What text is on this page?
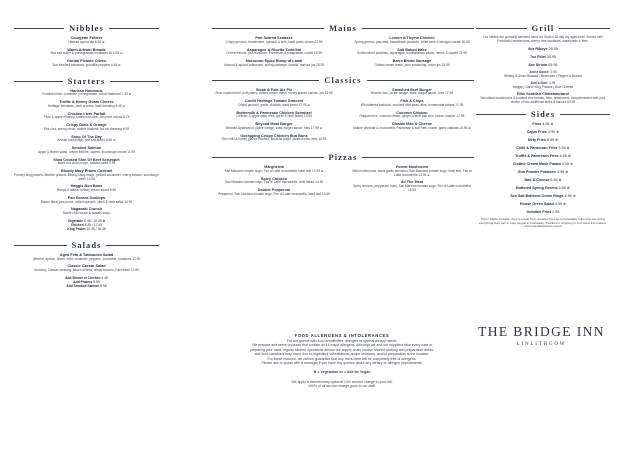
Nibbles
Courgette Fritters
Harissa sprout dip 6.95 ⊕
Warm Artisan Breads
Sea salt butter & pomegranate molasses oil 6.95 ⊕
Gordal Picante Olives
Sun blushed tomatoes, guindilla peppers 4.45 ⊕
Starters
Harissa Houmous
Crumbled feta, coriander, pomegranate, cumin flatbread 7.45 ⊕
Truffle & Honey Goats Cheese
Heritage tomatoes, herb croutes, basil dressing 8.45 ⊕
Chicken Liver Parfait
Plum & apple chutney, toasted brioche, crisp red onions 8.75
Crispy Duck & Orange
Pak choi, spring onion, radish, cashew, hoi sin dressing 9.95
Soup Of The Day
Artisan sourdough, sea salt butter 5.95 ⊕
Smoked Salmon
Apple & fennel salad, crème fraîche, capers, sourdough croute 11.95
Slow Cooked Shin Of Beef Scrumpet
Burnt red onion mayo, toasted seed 9.95
Bloody Mary Prawn Cocktail
Punchy king prawns, Atlantic prawns, Bloody Mary mayo, pickled cucumber, cherry tomato, sourdough wafer 10.95
Haggis Bon Bons
Neeps & tatties, whisky cream sauce 8.95
Pan Seared Scallops
Bacon bites, pea puree, wilted spinach, citrus & herb salsa 14.95
Nagasaki Crunch
Sweet chilli sauce & wasabi mayo
Vegetable 6.45 / 10.45 ⊕
Chicken 8.45 / 17.45
King Prawn 10.45 / 18.45
Salads
Aged Feta & Tabbouleh Salad
Almond, apricot, olives, mint, coriander, peppers, cucumber, tomatoes 12.95
Classic Caesar Salad
Anchovy, Caesar dressing, bacon shards, crispy crouton, Parmesan 13.95
Add Breast of Chicken 4.45
Add Prawns 5.95
Add Smoked Salmon 6.95
Mains
Pan Seared Seabass
Crispy gnocchi, tenderstem, spinach & leek, basil pesto cream 22.95
Asparagus & Ricotta Tortellini
Crème fraîche, pea fricassee, Parmesan & pangrattato crumb 15.95
Moroccan Spice Rump of Lamb
Almond & apricot tabbouleh, spring cabbage, tzatziki, harissa jus 25.95
Lemon & Thyme Chicken
Spring greens, pancetta, hasselback potatoes, white wine & tarragon sauce 20.95
Salt Baked Hake
Sunbrowned potatoes, asparagus, bouillabaisse sauce, lemon & capers 24.95
Barre Bread Sausage
Clotted cream mash, pork scratching, onion jus 15.95
Classics
Steak & Pale Ale Pie
Slow cooked beef, puff pastry, clotted cream mash, honey glazed carrots, jus 18.95
Confit Heritage Tomato Gnocchi
Crispy gnocchi, garlic, shallots, basil pesto 17.95 ⊕
Buttermilk & Parmesan Chicken Schnitzel
Celeriac & apple slaw, fries, garlic & herb butter 19.95
Beyond Meat Burger
Smoked Applewood, pickle wedge, slaw, burger sauce, fries 17.95 ⊕
Gochujang Crispy Chicken Bun Buns
Red chilli & honey glazed chicken, sriracha mayo, pickled slaw, fries 18.95
Smashed Beef Burger
Brioche bun, pickle wedge, slaw, burger sauce, fries 17.95
Fish & Chips
IPA battered haddock, crushed mint peas, fries, homemade tartare 17.95
Coconut Chicken
Fragrant rice, coconut cream, ginger & chilli pak choi, prawn cracker 17.95
Classic Mac & Cheese
Mature cheddar & mozzarella, Parmesan & soft herb crumb, garlic ciabatta 15.95 ⊕
Pizzas
Margherita
San Marzano tomato sugo, Fior di Latte mozzarella, basil leaf 12.95 ⊕
Spicy Chicken
San Marzano tomato sugo, Fior di Latte mozzarella, chilli flakes 14.95
Double Pepperoni
Pepperoni, San Marzano tomato sugo, Fior di Latte mozzarella, basil leaf 15.95
Forest Mushroom
Wild mushrooms, black garlic emulsion, San Marzano tomato sugo, basil leaf, Fior di Latte mozzarella 13.95 ⊕
All The Meat
Spicy chicken, pepperoni, ham, San Marzano tomato sugo, Fior di Latte mozzarella 15.95
FOOD ALLERGENS & INTOLERANCES
For our guests with food sensitivities, allergies or special dietary needs:
We prepare and serve products that contain all 14 major allergens. Although we and our suppliers take every care in
preparing your meal, regular kitchen operations across our supply chain involve shared cooking and preparation areas,
and food variations may occur due to ingredient substitutions, recipe revisions, and/or preparation at the location.
For these reasons, we cannot guarantee that any menu item will be completely free of allergens.
Please ask to speak with a manager if you have any queries about any dietary or allergen requirements.
⊕ = Vegetarian ve = Ask for Vegan
We apply a discretionary optional 10% service charge to your bill.
100% of all service charge goes to our staff.
Grill
Our steaks are specially selected hand cut Scotch 28 day dry aged beef. Served with Portobello mushrooms, cherry vine tomatoes, watercress & fries.
8oz Ribeye 29.95
7oz Fillet 34.95
8oz Sirloin 29.95
Add a Sauce: 3.95
Whisky & Arran Mustard | Béarnaise | Pepper & Brandy
Add a Side: 4.95
Haggis | Garlic King Prawns | Blue Cheese
Rise Scottish Chateaubriand
Woodland mushrooms & roasted vine tomato, fries, watercress, complemented with your choice of two additional sides & sauces 69.95
Sides
Fries 4.95 ⊕
Cajun Fries 4.95 ⊕
Dirty Fries 6.95 ⊕
Chilli & Parmesan Fries 5.95 ⊕
Truffle & Parmesan Fries 6.95 ⊕
Clotted Cream Mash Potato 4.95 ⊕
Gun Powder Potatoes 4.95 ⊕
Mac & Cheese 6.95 ⊕
Buttered Spring Greens 4.95 ⊕
Sea Salt Battered Onion Rings 4.95 ⊕
House Green Salad 4.95 ⊕
Invisible Fries 2.95
We're 100% Invisible, they're made from donated fries go to hospitality folks who are doing everything they can to help people in hospitality. Thanks for chipping in. For more information, visit hospitalityaction.org.uk
THE BRIDGE INN
LINLITHGOW
